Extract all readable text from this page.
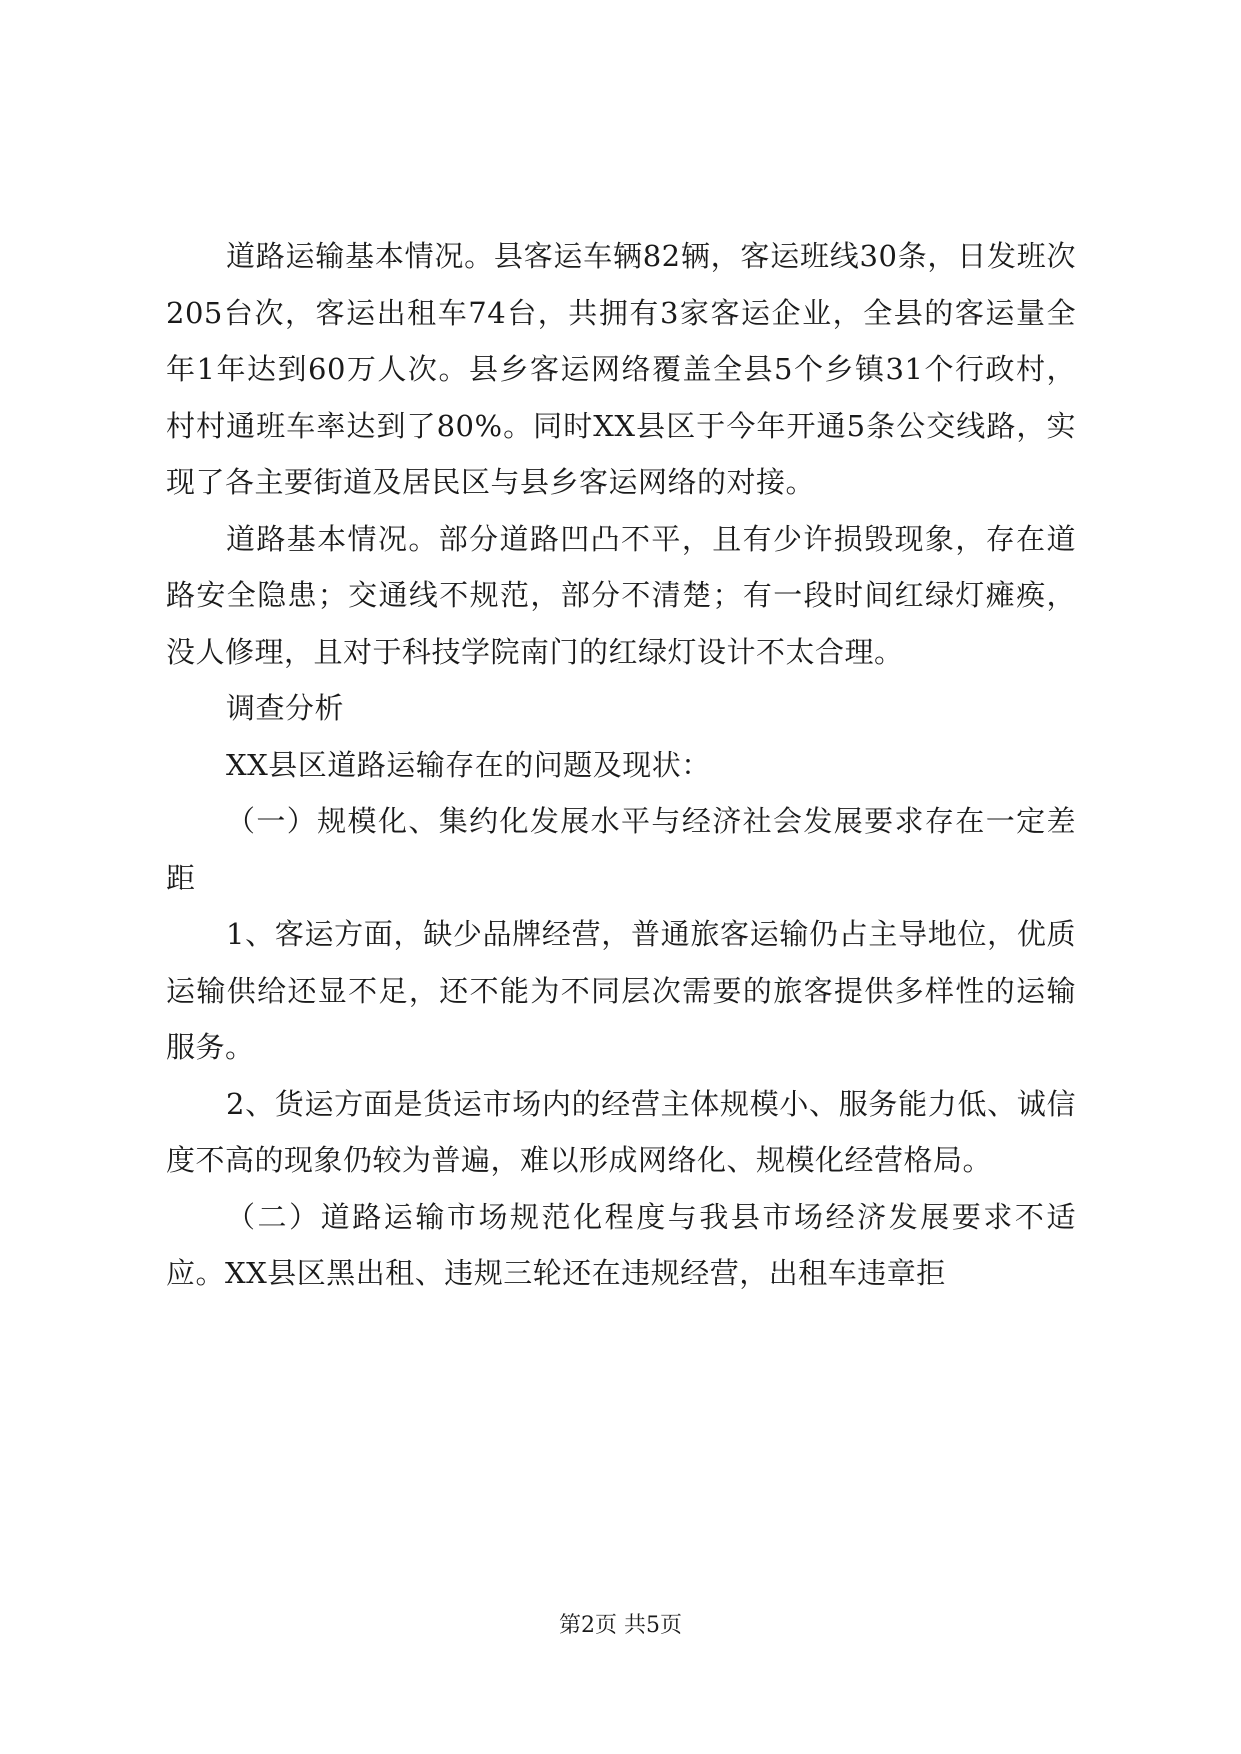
道路运输基本情况。县客运车辆82辆，客运班线30条，日发班次205台次，客运出租车74台，共拥有3家客运企业，全县的客运量全年1年达到60万人次。县乡客运网络覆盖全县5个乡镇31个行政村，村村通班车率达到了80%。同时XX县区于今年开通5条公交线路，实现了各主要街道及居民区与县乡客运网络的对接。

道路基本情况。部分道路凹凸不平，且有少许损毁现象，存在道路安全隐患；交通线不规范，部分不清楚；有一段时间红绿灯瘫痪，没人修理，且对于科技学院南门的红绿灯设计不太合理。

调查分析

XX县区道路运输存在的问题及现状：

（一）规模化、集约化发展水平与经济社会发展要求存在一定差距

1、客运方面，缺少品牌经营，普通旅客运输仍占主导地位，优质运输供给还显不足，还不能为不同层次需要的旅客提供多样性的运输服务。

2、货运方面是货运市场内的经营主体规模小、服务能力低、诚信度不高的现象仍较为普遍，难以形成网络化、规模化经营格局。

（二）道路运输市场规范化程度与我县市场经济发展要求不适应。XX县区黑出租、违规三轮还在违规经营，出租车违章拒

第2页 共5页
